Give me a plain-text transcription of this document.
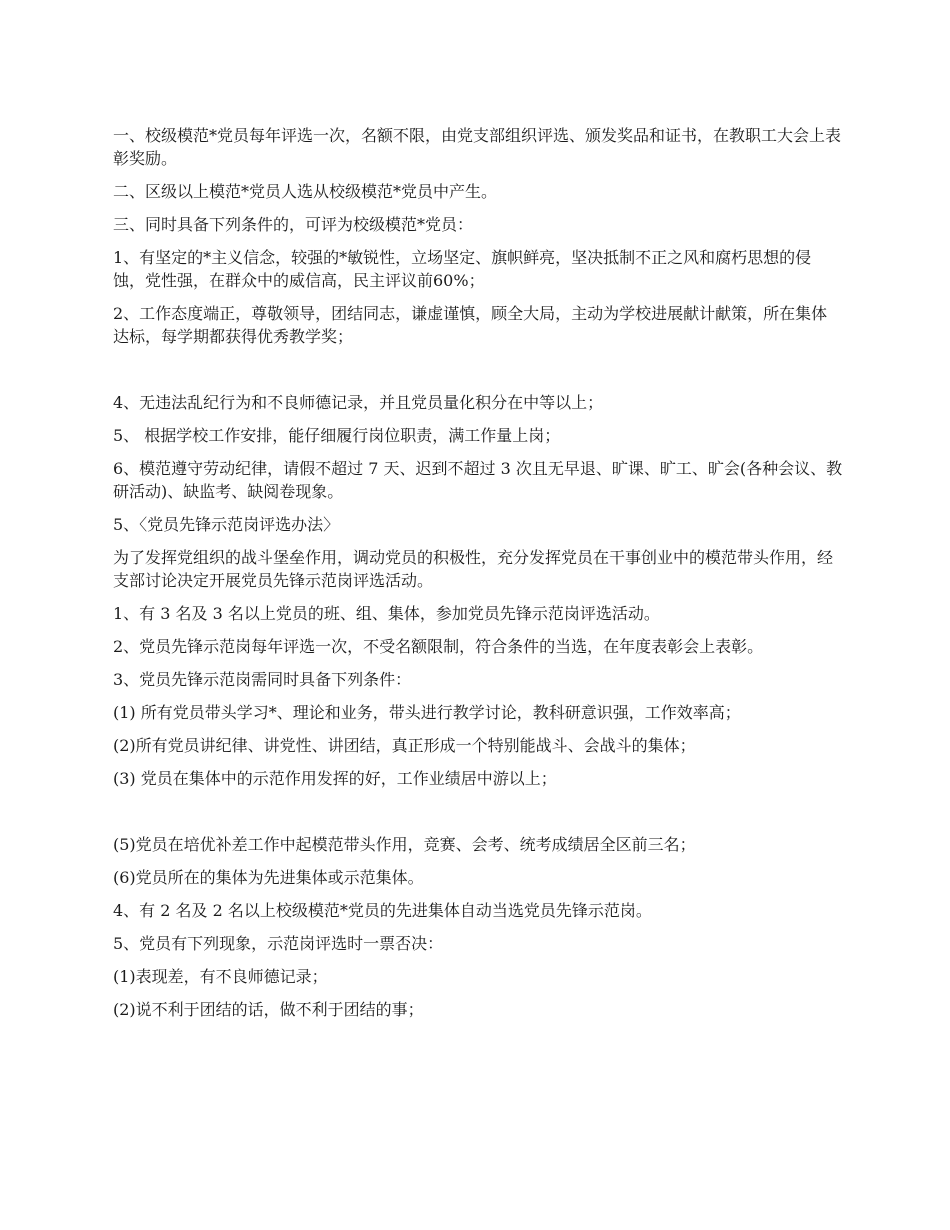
一、校级模范*党员每年评选一次，名额不限，由党支部组织评选、颁发奖品和证书，在教职工大会上表彰奖励。

二、区级以上模范*党员人选从校级模范*党员中产生。

三、同时具备下列条件的，可评为校级模范*党员：

1、有坚定的*主义信念，较强的*敏锐性，立场坚定、旗帜鲜亮，坚决抵制不正之风和腐朽思想的侵蚀，党性强，在群众中的威信高，民主评议前60%；

2、工作态度端正，尊敬领导，团结同志，谦虚谨慎，顾全大局，主动为学校进展献计献策，所在集体达标，每学期都获得优秀教学奖；

4、无违法乱纪行为和不良师德记录，并且党员量化积分在中等以上；

5、 根据学校工作安排，能仔细履行岗位职责，满工作量上岗；

6、模范遵守劳动纪律，请假不超过 7 天、迟到不超过 3 次且无早退、旷课、旷工、旷会(各种会议、教研活动)、缺监考、缺阅卷现象。

5、〈党员先锋示范岗评选办法〉

为了发挥党组织的战斗堡垒作用，调动党员的积极性，充分发挥党员在干事创业中的模范带头作用，经支部讨论决定开展党员先锋示范岗评选活动。

1、有 3 名及 3 名以上党员的班、组、集体，参加党员先锋示范岗评选活动。

2、党员先锋示范岗每年评选一次，不受名额限制，符合条件的当选，在年度表彰会上表彰。

3、党员先锋示范岗需同时具备下列条件：

(1) 所有党员带头学习*、理论和业务，带头进行教学讨论，教科研意识强，工作效率高；

(2)所有党员讲纪律、讲党性、讲团结，真正形成一个特别能战斗、会战斗的集体；

(3) 党员在集体中的示范作用发挥的好，工作业绩居中游以上；

(5)党员在培优补差工作中起模范带头作用，竞赛、会考、统考成绩居全区前三名；

(6)党员所在的集体为先进集体或示范集体。

4、有 2 名及 2 名以上校级模范*党员的先进集体自动当选党员先锋示范岗。

5、党员有下列现象，示范岗评选时一票否决：

(1)表现差，有不良师德记录；

(2)说不利于团结的话，做不利于团结的事；
